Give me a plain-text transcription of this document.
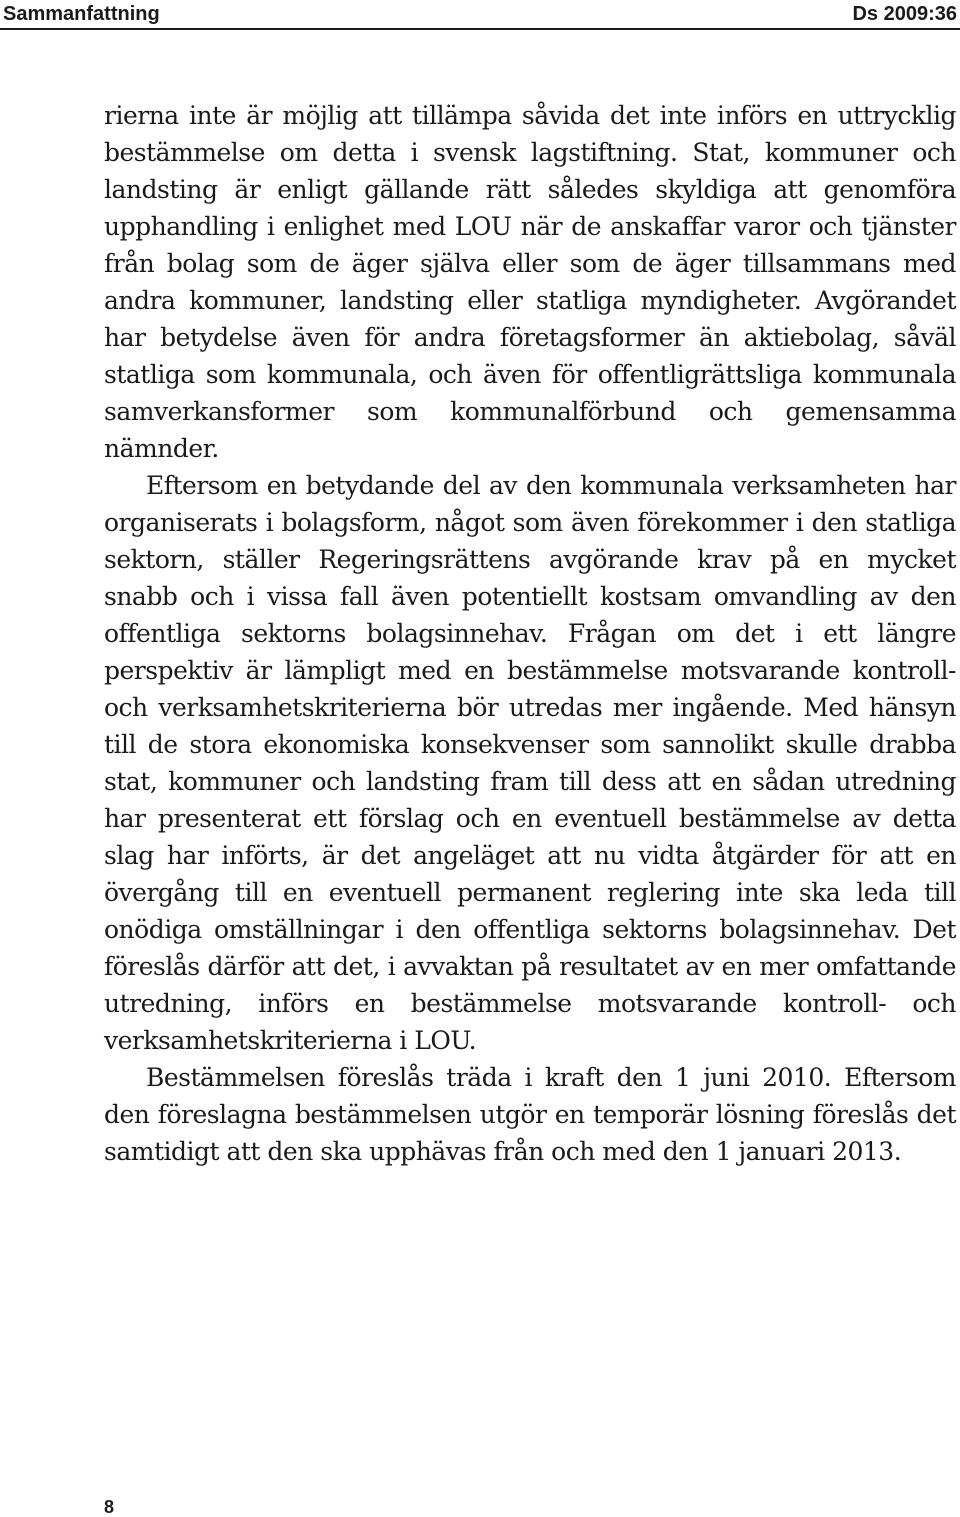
Sammanfattning	Ds 2009:36

rierna inte är möjlig att tillämpa såvida det inte införs en uttrycklig bestämmelse om detta i svensk lagstiftning. Stat, kommuner och landsting är enligt gällande rätt således skyldiga att genomföra upphandling i enlighet med LOU när de anskaffar varor och tjänster från bolag som de äger själva eller som de äger tillsammans med andra kommuner, landsting eller statliga myndigheter. Avgörandet har betydelse även för andra företagsformer än aktiebolag, såväl statliga som kommunala, och även för offentligrättsliga kommunala samverkansformer som kommunalförbund och gemensamma nämnder.

Eftersom en betydande del av den kommunala verksamheten har organiserats i bolagsform, något som även förekommer i den statliga sektorn, ställer Regeringsrättens avgörande krav på en mycket snabb och i vissa fall även potentiellt kostsam omvandling av den offentliga sektorns bolagsinnehav. Frågan om det i ett längre perspektiv är lämpligt med en bestämmelse motsvarande kontroll- och verksamhetskriterierna bör utredas mer ingående. Med hänsyn till de stora ekonomiska konsekvenser som sannolikt skulle drabba stat, kommuner och landsting fram till dess att en sådan utredning har presenterat ett förslag och en eventuell bestämmelse av detta slag har införts, är det angeläget att nu vidta åtgärder för att en övergång till en eventuell permanent reglering inte ska leda till onödiga omställningar i den offentliga sektorns bolagsinnehav. Det föreslås därför att det, i avvaktan på resultatet av en mer omfattande utredning, införs en bestämmelse motsvarande kontroll- och verksamhetskriterierna i LOU.

Bestämmelsen föreslås träda i kraft den 1 juni 2010. Eftersom den föreslagna bestämmelsen utgör en temporär lösning föreslås det samtidigt att den ska upphävas från och med den 1 januari 2013.

8
